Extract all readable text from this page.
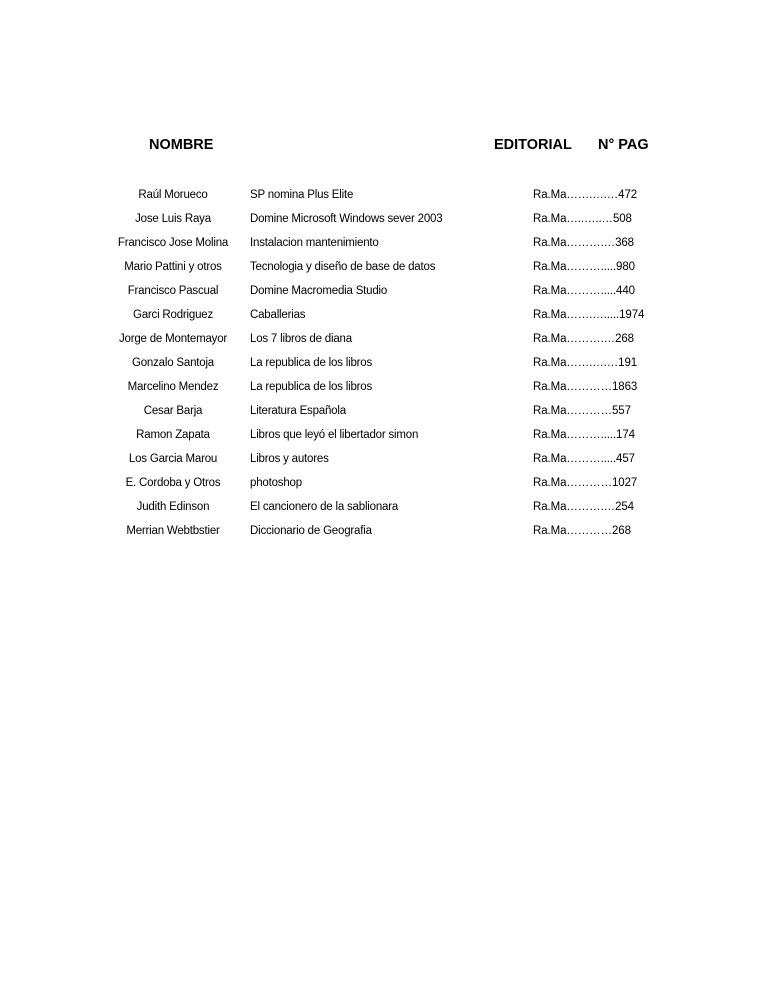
NOMBRE	EDITORIAL N° PAG
Raúl Morueco	SP nomina Plus Elite	Ra.Ma…….….…472
Jose Luis Raya	Domine Microsoft Windows sever 2003	Ra.Ma…..…..…508
Francisco Jose Molina	Instalacion mantenimiento	Ra.Ma……….…368
Mario Pattini y otros	Tecnologia y diseño de base de datos	Ra.Ma……….....980
Francisco Pascual	Domine Macromedia Studio	Ra.Ma……….....440
Garci Rodriguez	Caballerias	Ra.Ma…….….....1974
Jorge de Montemayor	Los 7 libros de diana	Ra.Ma……….…268
Gonzalo Santoja	La republica de los libros	Ra.Ma…….….…191
Marcelino Mendez	La republica de los libros	Ra.Ma…………1863
Cesar Barja	Literatura Española	Ra.Ma…………557
Ramon Zapata	Libros que leyó el libertador simon	Ra.Ma……….....174
Los Garcia Marou	Libros y autores	Ra.Ma……….....457
E. Cordoba y Otros	photoshop	Ra.Ma…………1027
Judith Edinson	El cancionero de la sablionara	Ra.Ma……….…254
Merrian Webtbstier	Diccionario de Geografia	Ra.Ma…………268
